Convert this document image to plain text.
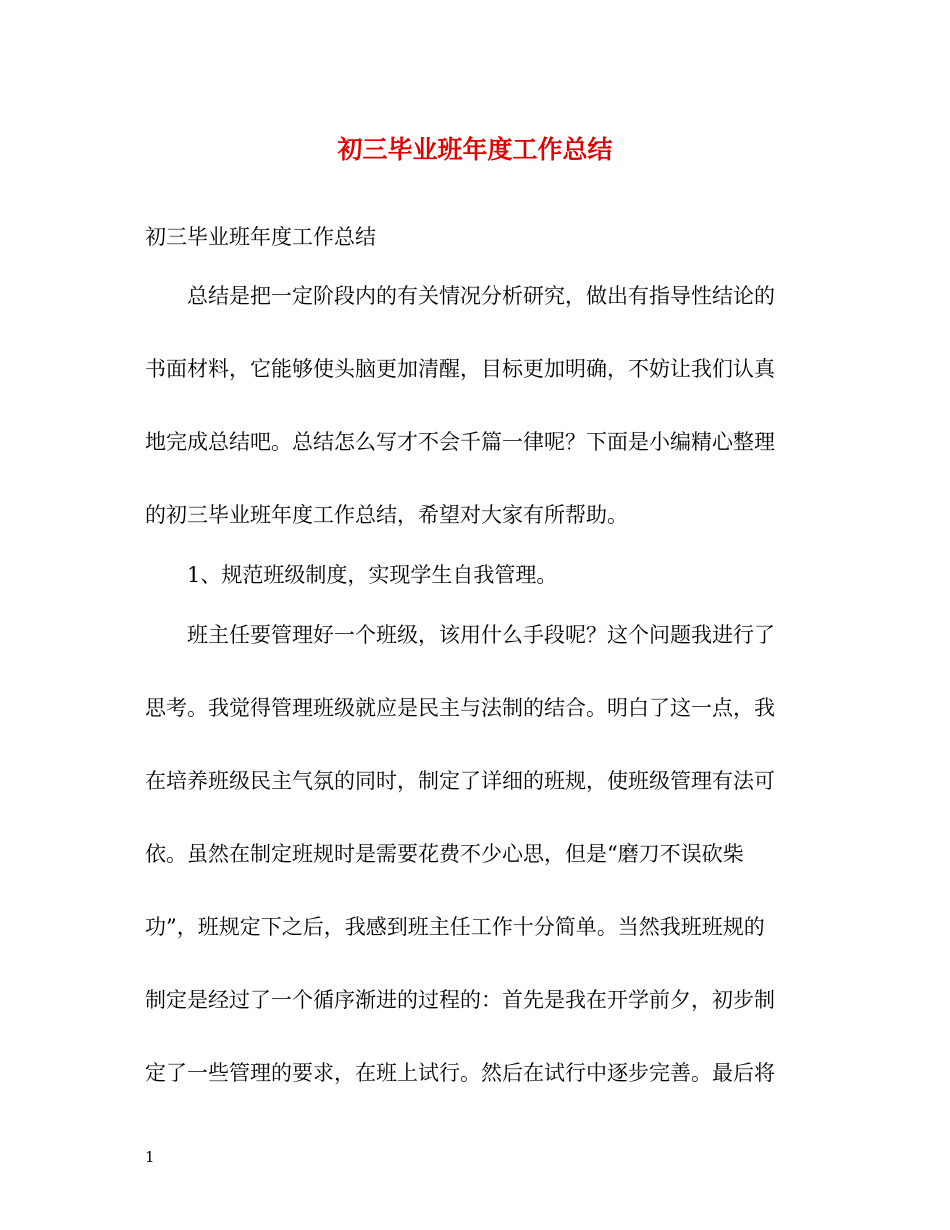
初三毕业班年度工作总结
初三毕业班年度工作总结
总结是把一定阶段内的有关情况分析研究，做出有指导性结论的
书面材料，它能够使头脑更加清醒，目标更加明确，不妨让我们认真
地完成总结吧。总结怎么写才不会千篇一律呢？下面是小编精心整理
的初三毕业班年度工作总结，希望对大家有所帮助。
1、规范班级制度，实现学生自我管理。
班主任要管理好一个班级，该用什么手段呢？这个问题我进行了
思考。我觉得管理班级就应是民主与法制的结合。明白了这一点，我
在培养班级民主气氛的同时，制定了详细的班规，使班级管理有法可
依。虽然在制定班规时是需要花费不少心思，但是“磨刀不误砍柴
功”，班规定下之后，我感到班主任工作十分简单。当然我班班规的
制定是经过了一个循序渐进的过程的：首先是我在开学前夕，初步制
定了一些管理的要求，在班上试行。然后在试行中逐步完善。最后将
1
